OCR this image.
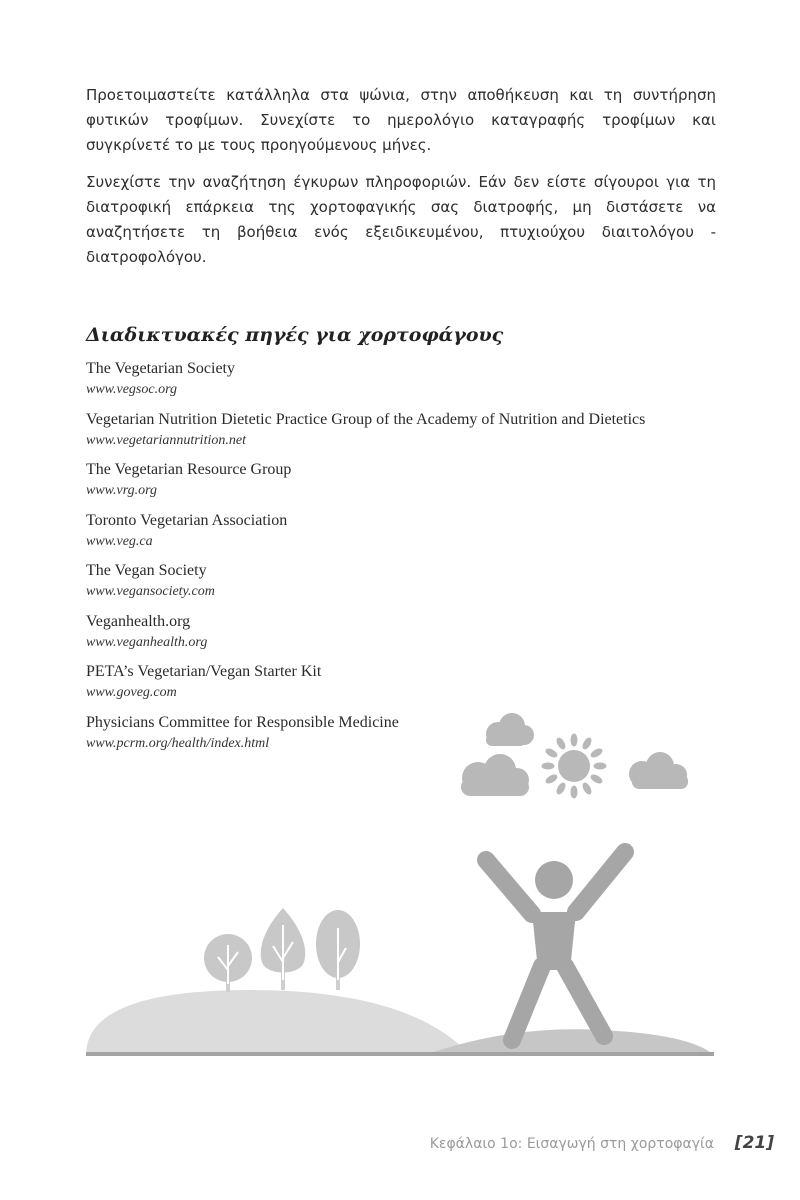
Προετοιμαστείτε κατάλληλα στα ψώνια, στην αποθήκευση και τη συντήρηση φυτικών τροφίμων. Συνεχίστε το ημερολόγιο καταγραφής τροφίμων και συγκρίνετέ το με τους προηγούμενους μήνες.

Συνεχίστε την αναζήτηση έγκυρων πληροφοριών. Εάν δεν είστε σίγουροι για τη διατροφική επάρκεια της χορτοφαγικής σας διατροφής, μη διστάσετε να αναζητήσετε τη βοήθεια ενός εξειδικευμένου, πτυχιούχου διαιτολόγου - διατροφολόγου.

Διαδικτυακές πηγές για χορτοφάγους
The Vegetarian Society
www.vegsoc.org
Vegetarian Nutrition Dietetic Practice Group of the Academy of Nutrition and Dietetics
www.vegetariannutrition.net
The Vegetarian Resource Group
www.vrg.org
Toronto Vegetarian Association
www.veg.ca
The Vegan Society
www.vegansociety.com
Veganhealth.org
www.veganhealth.org
PETA’s Vegetarian/Vegan Starter Kit
www.goveg.com
Physicians Committee for Responsible Medicine
www.pcrm.org/health/index.html
Κεφάλαιο 1ο: Εισαγωγή στη χορτοφαγία [21]
